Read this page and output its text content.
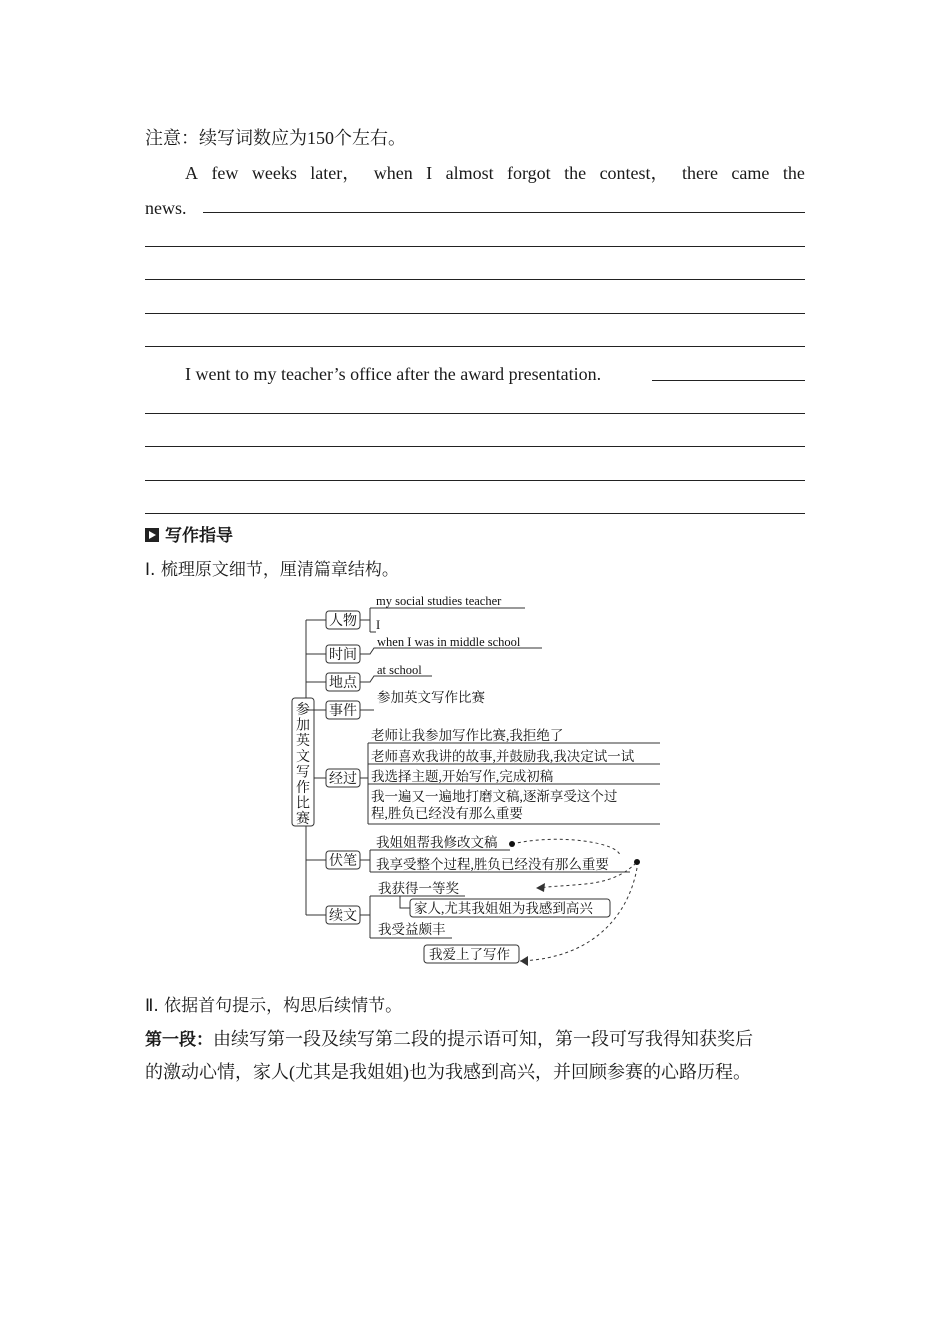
注意：续写词数应为150个左右。
A few weeks later， when I almost forgot the contest， there came the
news.
I went to my teacher’s office after the award presentation.
写作指导
Ⅰ. 梳理原文细节，厘清篇章结构。
参
加
英
文
写
作
比
赛
人物
时间
地点
事件
经过
伏笔
续文
my social studies teacher
I
when I was in middle school
at school
参加英文写作比赛
老师让我参加写作比赛,我拒绝了
老师喜欢我讲的故事,并鼓励我,我决定试一试
我选择主题,开始写作,完成初稿
我一遍又一遍地打磨文稿,逐渐享受这个过
程,胜负已经没有那么重要
我姐姐帮我修改文稿
我享受整个过程,胜负已经没有那么重要
我获得一等奖
家人,尤其我姐姐为我感到高兴
我受益颇丰
我爱上了写作
Ⅱ. 依据首句提示，构思后续情节。
第一段：由续写第一段及续写第二段的提示语可知，第一段可写我得知获奖后
的激动心情，家人(尤其是我姐姐)也为我感到高兴，并回顾参赛的心路历程。
